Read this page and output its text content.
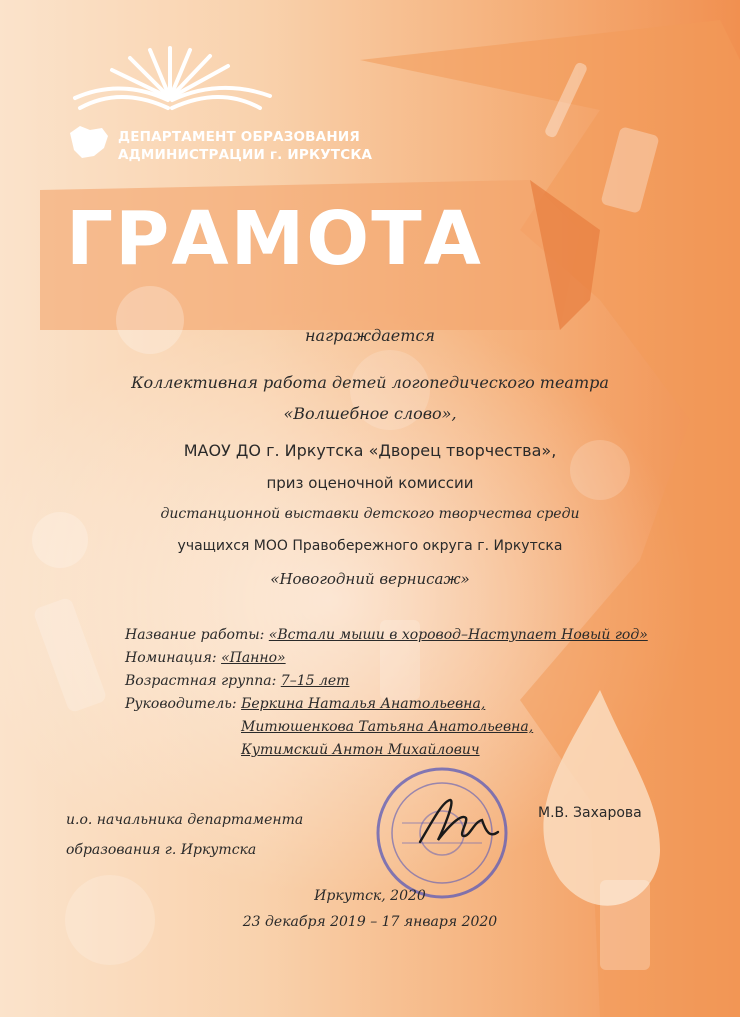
ДЕПАРТАМЕНТ ОБРАЗОВАНИЯ
АДМИНИСТРАЦИИ г. ИРКУТСКА
ГРАМОТА
награждается
Коллективная работа детей логопедического театра
«Волшебное слово»,
МАОУ ДО г. Иркутска «Дворец творчества»,
приз оценочной комиссии
дистанционной выставки детского творчества среди
учащихся МОО Правобережного округа г. Иркутска
«Новогодний вернисаж»
Название работы: «Встали мыши в хоровод–Наступает Новый год»
Номинация: «Панно»
Возрастная группа: 7–15 лет
Руководитель: Беркина Наталья Анатольевна,
Митюшенкова Татьяна Анатольевна,
Кутимский Антон Михайлович
и.о. начальника департамента
образования г. Иркутска
М.В. Захарова
Иркутск, 2020
23 декабря 2019 – 17 января 2020
